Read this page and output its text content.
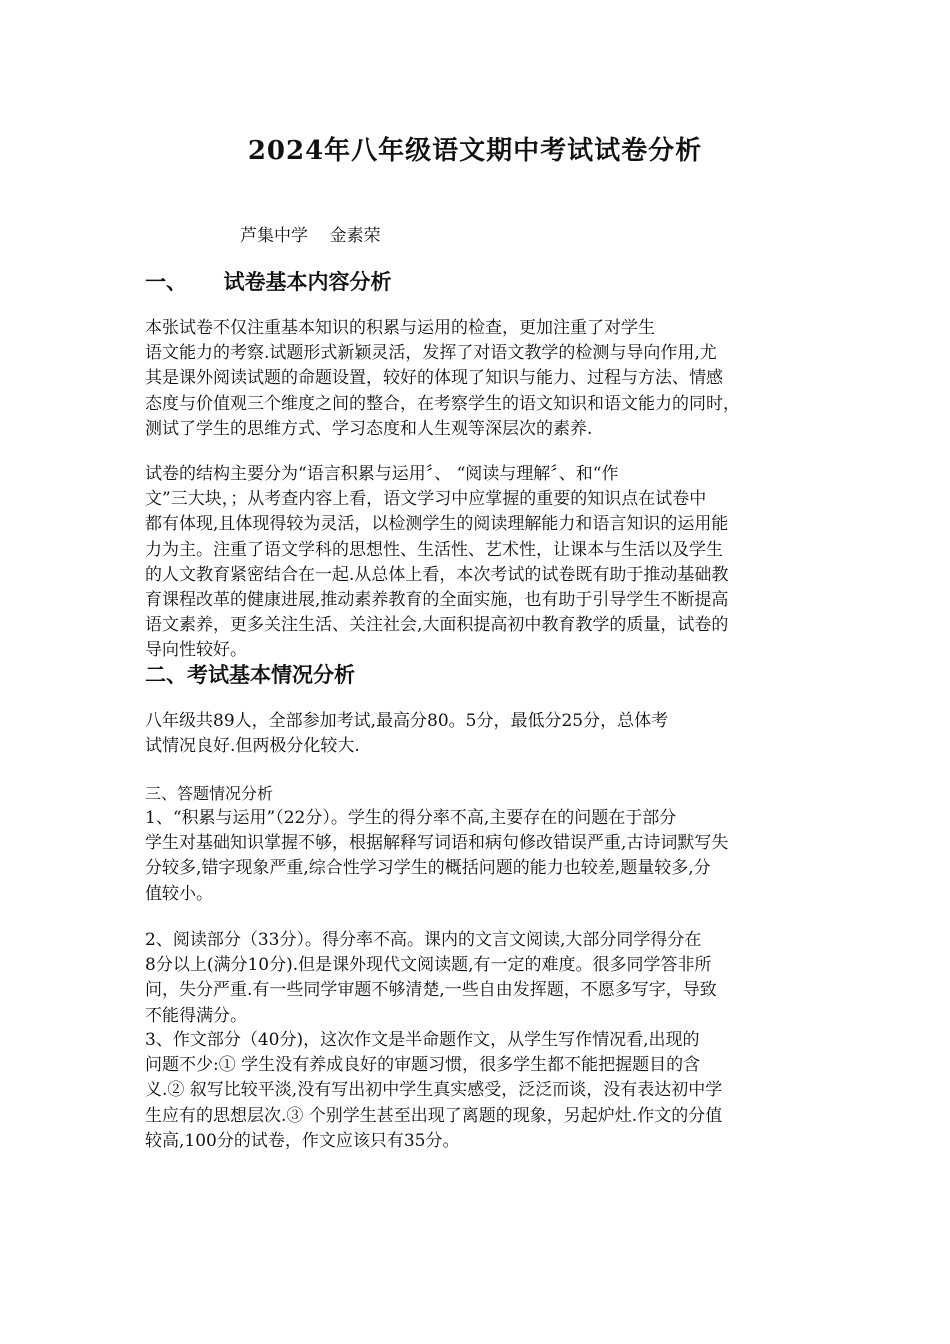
2024年八年级语文期中考试试卷分析
芦集中学    金素荣
一、     试卷基本内容分析
本张试卷不仅注重基本知识的积累与运用的检查，更加注重了对学生
语文能力的考察.试题形式新颖灵活，发挥了对语文教学的检测与导向作用,尤
其是课外阅读试题的命题设置，较好的体现了知识与能力、过程与方法、情感
态度与价值观三个维度之间的整合，在考察学生的语文知识和语文能力的同时，
测试了学生的思维方式、学习态度和人生观等深层次的素养.
试卷的结构主要分为“语言积累与运用〞、 “阅读与理解〞、和“作
文”三大块，；从考查内容上看，语文学习中应掌握的重要的知识点在试卷中
都有体现,且体现得较为灵活，以检测学生的阅读理解能力和语言知识的运用能
力为主。注重了语文学科的思想性、生活性、艺术性，让课本与生活以及学生
的人文教育紧密结合在一起.从总体上看，本次考试的试卷既有助于推动基础教
育课程改革的健康进展,推动素养教育的全面实施，也有助于引导学生不断提高
语文素养，更多关注生活、关注社会,大面积提高初中教育教学的质量，试卷的
导向性较好。
二、考试基本情况分析
八年级共89人，全部参加考试,最高分80。5分，最低分25分，总体考
试情况良好.但两极分化较大.
三、答题情况分析
1、“积累与运用”（22分）。学生的得分率不高,主要存在的问题在于部分
学生对基础知识掌握不够，根据解释写词语和病句修改错误严重,古诗词默写失
分较多,错字现象严重,综合性学习学生的概括问题的能力也较差,题量较多,分
值较小。
2、阅读部分（33分）。得分率不高。课内的文言文阅读,大部分同学得分在
8分以上(满分10分).但是课外现代文阅读题,有一定的难度。很多同学答非所
问，失分严重.有一些同学审题不够清楚,一些自由发挥题，不愿多写字，导致
不能得满分。
3、作文部分（40分)，这次作文是半命题作文，从学生写作情况看,出现的
问题不少:① 学生没有养成良好的审题习惯，很多学生都不能把握题目的含
义.② 叙写比较平淡,没有写出初中学生真实感受，泛泛而谈，没有表达初中学
生应有的思想层次.③ 个别学生甚至出现了离题的现象，另起炉灶.作文的分值
较高,100分的试卷，作文应该只有35分。
